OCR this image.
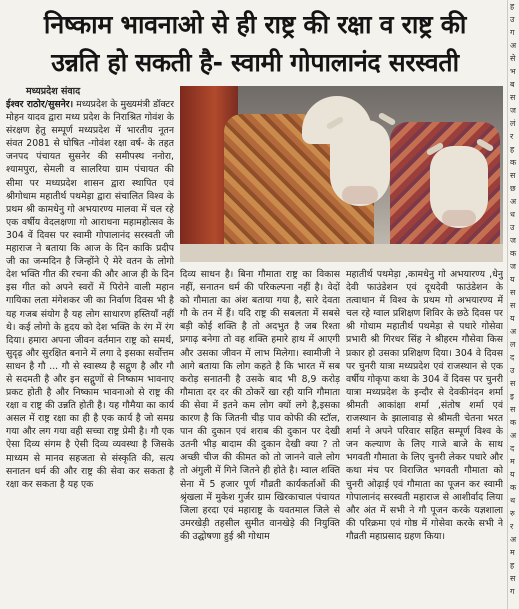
निष्काम भावनाओ से ही राष्ट्र की रक्षा व राष्ट्र की
उन्नति हो सकती है- स्वामी गोपालानंद सरस्वती
मध्यप्रदेश संवाद
ईश्वर राठोर/सुसनेर। मध्यप्रदेश के मुख्यमंत्री डॉक्टर मोहन यादव द्वारा मध्य प्रदेश के निराश्रित गोवंश के संरक्षण हेतु सम्पूर्ण मध्यप्रदेश में भारतीय नूतन संवत 2081 से घोषित -गोवंश रक्षा वर्ष- के तहत जनपद पंचायत सुसनेर की समीपस्थ ननोरा, श्यामपुरा, सेमली व सालरिया ग्राम पंचायत की सीमा पर मध्यप्रदेश शासन द्वारा स्थापित एवं श्रीगोधाम महातीर्थ पथमेड़ा द्वारा संचालित विश्व के प्रथम श्री कामधेनु गो अभयारण्य मालवा में चल रहे एक वर्षीय वेदलक्षणा गो आराधना महामहोत्सव के 304 वें दिवस पर स्वामी गोपालानंद सरस्वती जी महाराज ने बताया कि आज के दिन काकि प्रदीप जी का जन्मदिन है जिन्होंने ऐ मेरे वतन के लोगो देश भक्ति गीत की रचना की और आज ही के दिन इस गीत को अपने स्वरों में पिरोने वाली महान गायिका लता मंगेशकर जी का निर्वाण दिवस भी है यह गजब संयोग है यह लोग साधारण हस्तियाँ नहीं थे। कई लोगो के हृदय को देश भक्ति के रंग में रंग दिया। हमारा अपना जीवन वर्तमान राष्ट्र को समर्थ, सुदृढ़ और सुरक्षित बनाने में लगा दे इसका सर्वोत्तम साधन है गौ ... गौ से स्वास्थ्य है सद्गुण है और गौ से सदमती है और इन सद्गुणों से निष्काम भावनाए प्रकट होती है और निष्काम भावनाओ से राष्ट्र की रक्षा व राष्ट्र की उन्नति होती है। यह गौमैया का कार्य असल में राष्ट्र रक्षा का ही है एक कार्य है जो समग्र गया और लग गया वही सच्चा राष्ट्र प्रेमी है। गौ एक ऐसा दिव्य संगम है ऐसी दिव्य व्यवस्था है जिसके माध्यम से मानव सहजता से संस्कृति की, सत्य सनातन धर्म की और राष्ट्र की सेवा कर सकता है रक्षा कर सकता है यह एक
दिव्य साधन है। बिना गौमाता राष्ट्र का विकास नहीं, सनातन धर्म की परिकल्पना नहीं है। वेदों को गौमाता का अंश बताया गया है, सारे देवता गौ के तन में हैं। यदि राष्ट्र की सबलता में सबसे बड़ी कोई शक्ति है तो अदभुत है जब रिश्ता प्रगाढ़ बनेगा तो वह शक्ति हमारे हाथ में आएगी और उसका जीवन में लाभ मिलेगा। स्वामीजी ने आगे बताया कि लोग कहते है कि भारत में सब करोड़ सनातनी है उसके बाद भी 8,9 करोड़ गौमाता दर दर की ठोकरें खा रही यानि गौमाता की सेवा में इतने कम लोग क्यों लगे है,इसका कारण है कि जितनी चीड़ पाव कोफी की स्टॉल, पान की दुकान एवं शराब की दुकान पर देखी उतनी भीड़ बादाम की दुकान देखी क्या ? तो अच्छी चीज की कीमत को तो जानने वाले लोग तो अंगुली में गिने जितने ही होते है। म्वाल शक्ति सेना में 5 हजार पूर्ण गौव्रती कार्यकर्ताओं की श्रृंखला में मुकेश गुर्जर ग्राम खिरकाचाल पंचायत जिला हरदा एवं महाराष्ट्र के यवतमाल जिले से उमरखेड़ी तहसील सुमीत वानखेड़े की नियुक्ति की उद्घोषणा हुई श्री गोधाम
महातीर्थ पथमेड़ा ,कामधेनु गो अभयारण्य ,धेनु देवी फाउंडेशन एवं दूधदेवी फाउंडेशन के तत्वाधान में विश्व के प्रथम गो अभयारण्य में चल रहे ग्वाल प्रशिक्षण शिविर के छठे दिवस पर श्री गोधाम महातीर्थ पथमेड़ा से पधारे गोसेवा प्रभारी श्री गिरधर सिंह ने श्रीहरम गौसेवा किस प्रकार हो उसका प्रशिक्षण दिया। 304 वे दिवस पर चुनरी यात्रा मध्यप्रदेश एवं राजस्थान से एक वर्षीय गोकृपा कथा के 304 वें दिवस पर चुनरी यात्रा मध्यप्रदेश के इन्दौर से देवकीनंदन शर्मा श्रीमती आकांक्षा शर्मा ,संतोष शर्मा एवं राजस्थान के झालावाड़ से श्रीमती चेतना भरत शर्मा ने अपने परिवार सहित सम्पूर्ण विश्व के जन कल्याण के लिए गाजे बाजे के साथ भगवती गौमाता के लिए चुनरी लेकर पधारे और कथा मंच पर विराजित भगवती गौमाता को चुनरी ओढ़ाई एवं गौमाता का पूजन कर स्वामी गोपालानंद सरस्वती महाराज से आशीर्वाद लिया और अंत में सभी ने गौ पूजन करके यज्ञशाला की परिक्रमा एवं गोष्ठ में गोसेवा करके सभी ने गौव्रती महाप्रसाद ग्रहण किया।
ह
उ
ग
अ
से
भ
ब
स
ज
लं
र
ह
क
स
छ
अ
ध
उ
ज
क
ज
य
स
स
य
अ
ल
द
उ
स
इ
स
क
अ
द
म
य
क
थ
रु
र
अ
म
ह
स
ग
